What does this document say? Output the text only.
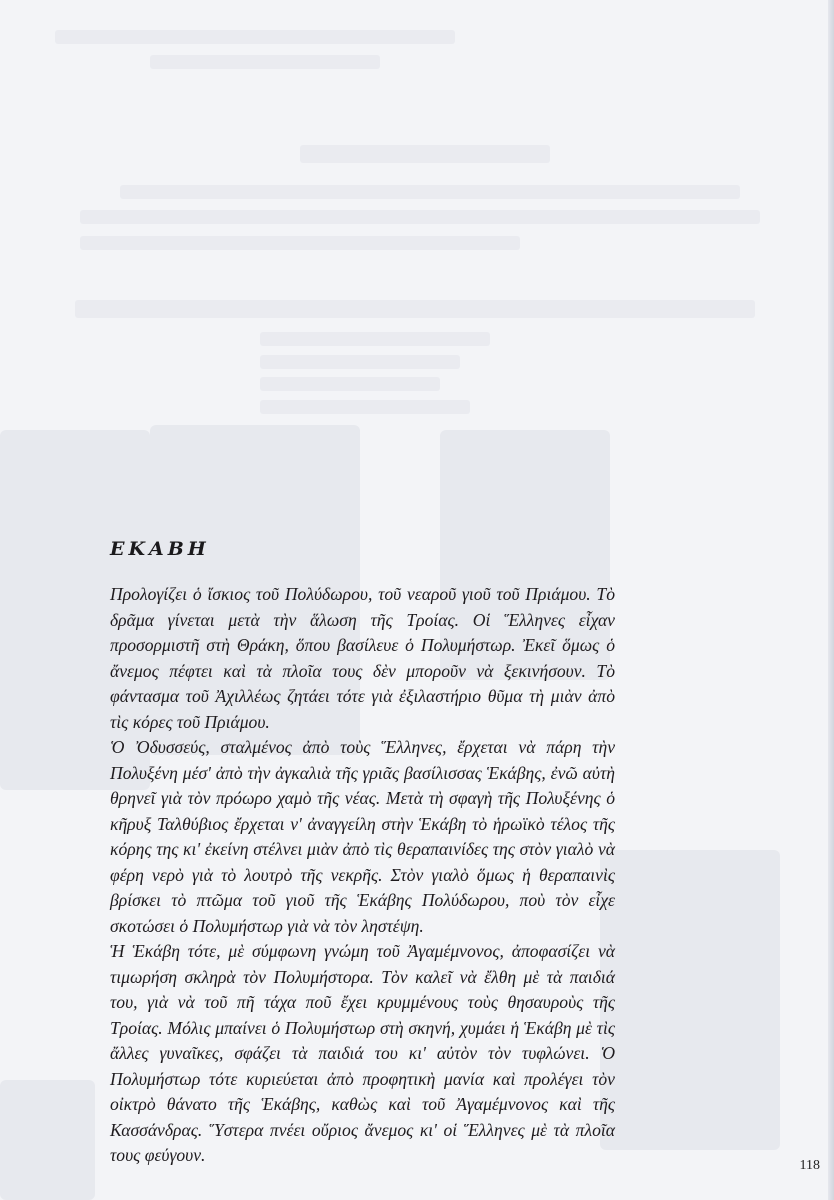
ΕΚΑΒΗ

Προλογίζει ὁ ἴσκιος τοῦ Πολύδωρου, τοῦ νεαροῦ γιοῦ τοῦ Πριάμου. Τὸ δρᾶμα γίνεται μετὰ τὴν ἅλωση τῆς Τροίας. Οἱ Ἕλληνες εἶχαν προσορμιστῆ στὴ Θράκη, ὅπου βασίλευε ὁ Πολυμήστωρ. Ἐκεῖ ὅμως ὁ ἄνεμος πέφτει καὶ τὰ πλοῖα τους δὲν μποροῦν νὰ ξεκινήσουν. Τὸ φάντασμα τοῦ Ἀχιλλέως ζητάει τότε γιὰ ἐξιλαστήριο θῦμα τὴ μιὰν ἀπὸ τὶς κόρες τοῦ Πριάμου.

Ὁ Ὀδυσσεύς, σταλμένος ἀπὸ τοὺς Ἕλληνες, ἔρχεται νὰ πάρη τὴν Πολυξένη μέσ' ἀπὸ τὴν ἀγκαλιὰ τῆς γριᾶς βασίλισσας Ἑκάβης, ἐνῶ αὐτὴ θρηνεῖ γιὰ τὸν πρόωρο χαμὸ τῆς νέας. Μετὰ τὴ σφαγὴ τῆς Πολυξένης ὁ κῆρυξ Ταλθύβιος ἔρχεται ν' ἀναγγείλη στὴν Ἑκάβη τὸ ἡρωϊκὸ τέλος τῆς κόρης της κι' ἐκείνη στέλνει μιὰν ἀπὸ τὶς θεραπαινίδες της στὸν γιαλὸ νὰ φέρη νερὸ γιὰ τὸ λουτρὸ τῆς νεκρῆς. Στὸν γιαλὸ ὅμως ἡ θεραπαινὶς βρίσκει τὸ πτῶμα τοῦ γιοῦ τῆς Ἑκάβης Πολύδωρου, ποὺ τὸν εἶχε σκοτώσει ὁ Πολυμήστωρ γιὰ νὰ τὸν ληστέψη.

Ἡ Ἑκάβη τότε, μὲ σύμφωνη γνώμη τοῦ Ἀγαμέμνονος, ἀποφασίζει νὰ τιμωρήση σκληρὰ τὸν Πολυμήστορα. Τὸν καλεῖ νὰ ἔλθη μὲ τὰ παιδιά του, γιὰ νὰ τοῦ πῆ τάχα ποῦ ἔχει κρυμμένους τοὺς θησαυροὺς τῆς Τροίας. Μόλις μπαίνει ὁ Πολυμήστωρ στὴ σκηνή, χυμάει ἡ Ἑκάβη μὲ τὶς ἄλλες γυναῖκες, σφάζει τὰ παιδιά του κι' αὐτὸν τὸν τυφλώνει. Ὁ Πολυμήστωρ τότε κυριεύεται ἀπὸ προφητικὴ μανία καὶ προλέγει τὸν οἰκτρὸ θάνατο τῆς Ἑκάβης, καθὼς καὶ τοῦ Ἀγαμέμνονος καὶ τῆς Κασσάνδρας. Ὕστερα πνέει οὔριος ἄνεμος κι' οἱ Ἕλληνες μὲ τὰ πλοῖα τους φεύγουν.

118
